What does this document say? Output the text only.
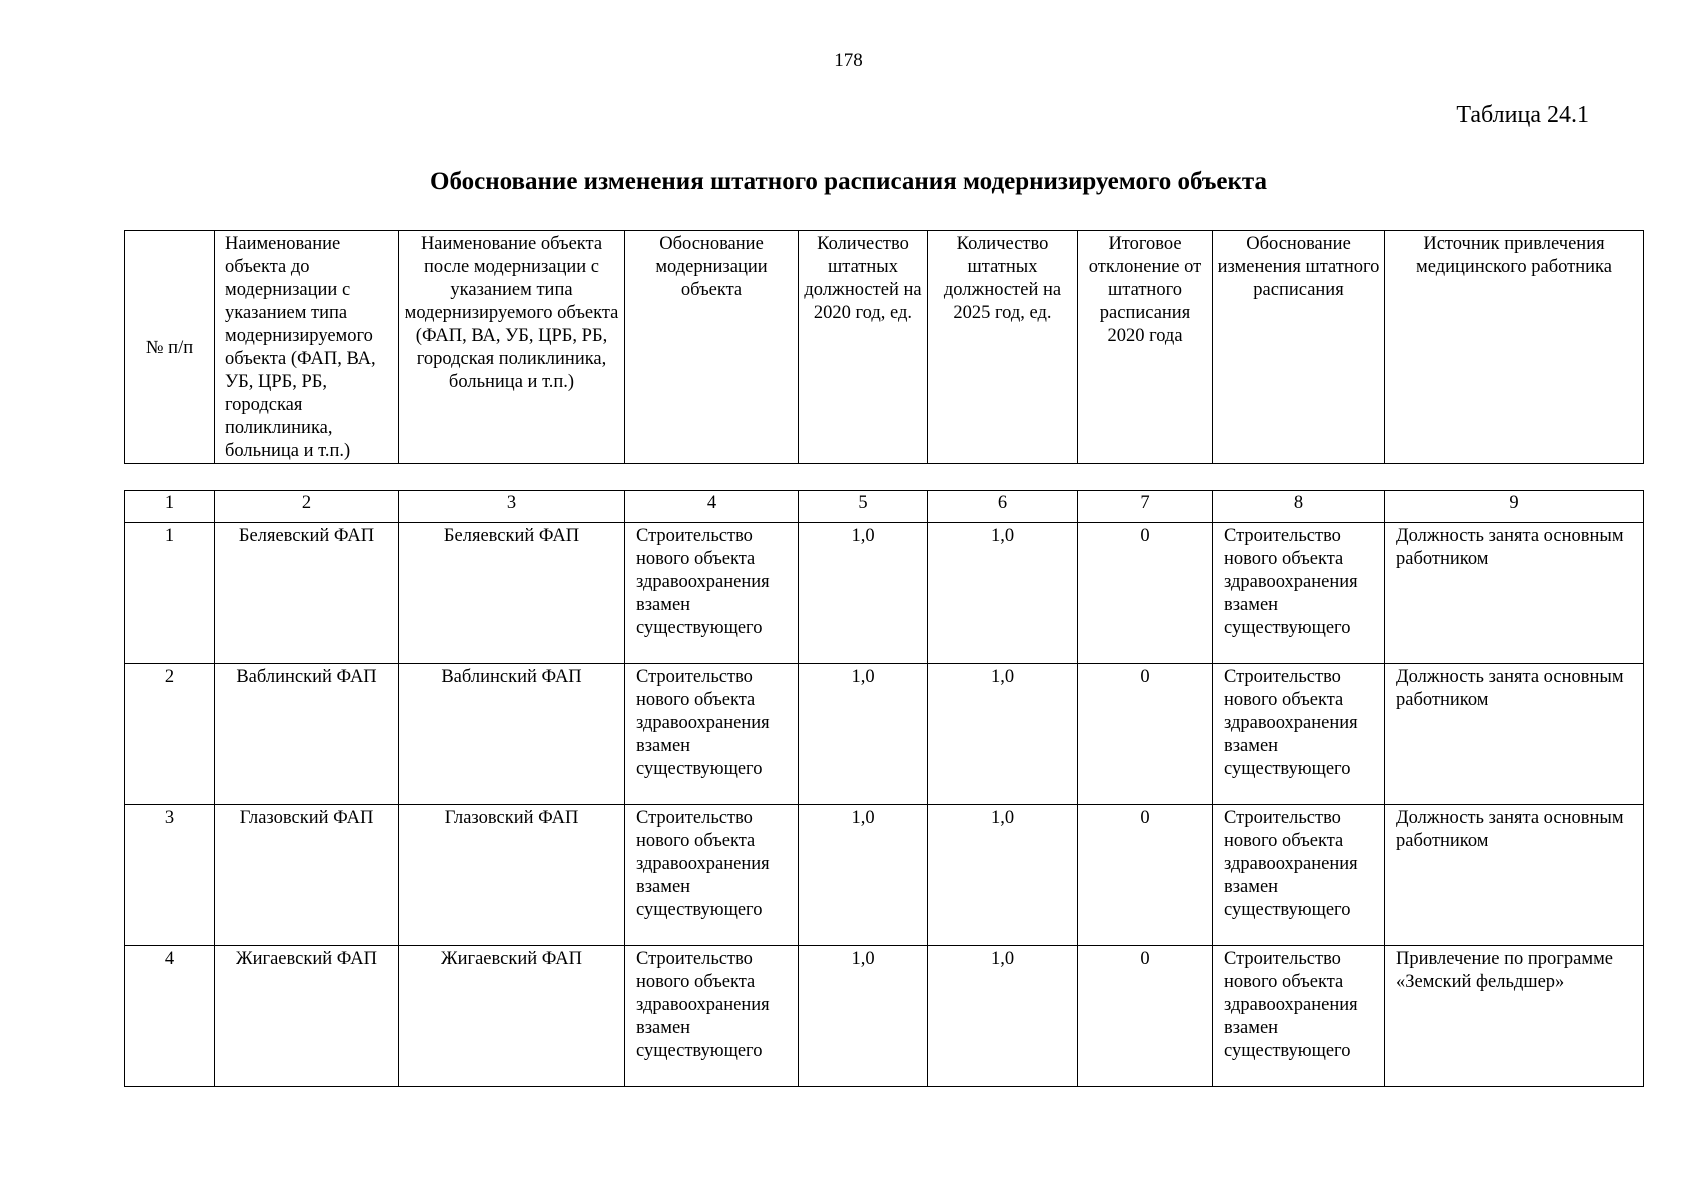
178
Таблица 24.1
Обоснование изменения штатного расписания модернизируемого объекта
№ п/п	Наименование объекта до модернизации с указанием типа модернизируемого объекта (ФАП, ВА, УБ, ЦРБ, РБ, городская поликлиника, больница и т.п.)	Наименование объекта после модернизации с указанием типа модернизируемого объекта (ФАП, ВА, УБ, ЦРБ, РБ, городская поликлиника, больница и т.п.)	Обоснование модернизации объекта	Количество штатных должностей на 2020 год, ед.	Количество штатных должностей на 2025 год, ед.	Итоговое отклонение от штатного расписания 2020 года	Обоснование изменения штатного расписания	Источник привлечения медицинского работника
1	2	3	4	5	6	7	8	9
1	Беляевский ФАП	Беляевский ФАП	Строительство нового объекта здравоохранения взамен существующего	1,0	1,0	0	Строительство нового объекта здравоохранения взамен существующего	Должность занята основным работником
2	Ваблинский ФАП	Ваблинский ФАП	Строительство нового объекта здравоохранения взамен существующего	1,0	1,0	0	Строительство нового объекта здравоохранения взамен существующего	Должность занята основным работником
3	Глазовский ФАП	Глазовский ФАП	Строительство нового объекта здравоохранения взамен существующего	1,0	1,0	0	Строительство нового объекта здравоохранения взамен существующего	Должность занята основным работником
4	Жигаевский ФАП	Жигаевский ФАП	Строительство нового объекта здравоохранения взамен существующего	1,0	1,0	0	Строительство нового объекта здравоохранения взамен существующего	Привлечение по программе «Земский фельдшер»
